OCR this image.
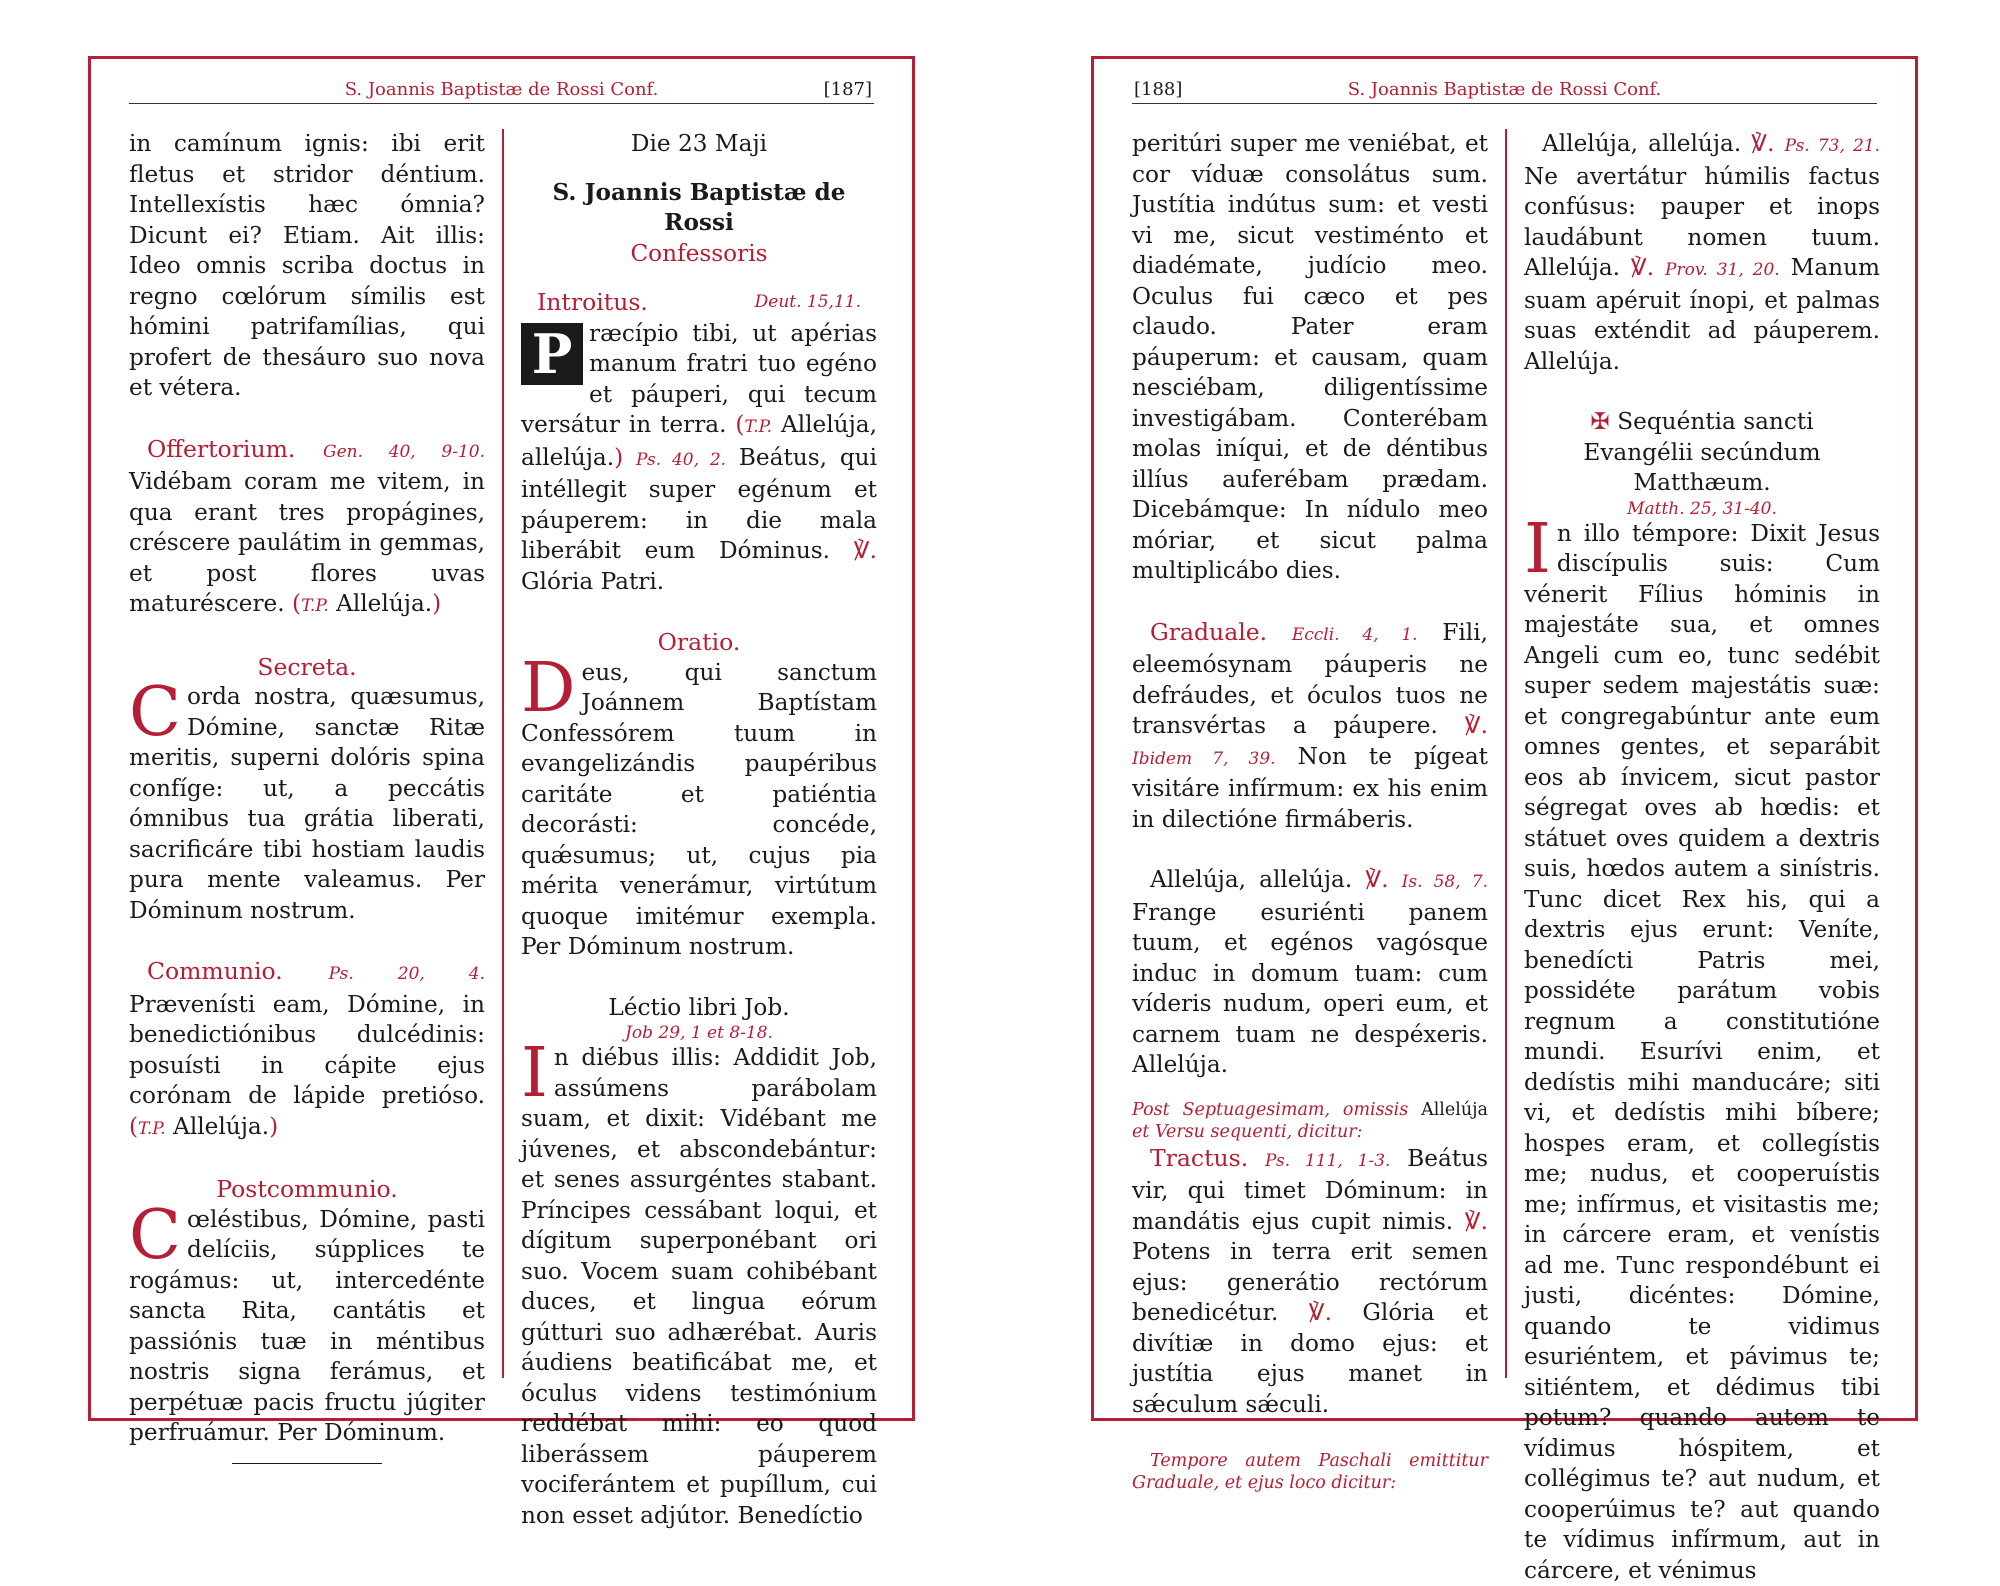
S. Joannis Baptistæ de Rossi Conf.	[187]

in camínum ignis: ibi erit fletus et stridor déntium. Intellexístis hæc ómnia? Dicunt ei? Etiam. Ait illis: Ideo omnis scriba doctus in regno cœlórum símilis est hómini patrifamílias, qui profert de thesáuro suo nova et vétera.

Offertorium. Gen. 40, 9-10. Vidébam coram me vitem, in qua erant tres propágines, créscere paulátim in gemmas, et post flores uvas maturéscere. (T.P. Allelúja.)

Secreta.

Corda nostra, quæsumus, Dómine, sanctæ Ritæ meritis, superni dolóris spina confíge: ut, a peccátis ómnibus tua grátia liberati, sacrificáre tibi hostiam laudis pura mente valeamus. Per Dóminum nostrum.

Communio.	Ps. 20, 4. Prævenísti eam, Dómine, in benedictiónibus dulcédinis: posuísti in cápite ejus corónam de lápide pretióso. (T.P. Allelúja.)

Postcommunio.

Cœléstibus, Dómine, pasti delíciis, súpplices te rogámus: ut, intercedénte sancta Rita, cantátis et passiónis tuæ in méntibus nostris signa ferámus, et perpétuæ pacis fructu júgiter perfruámur. Per Dóminum.

Die 23 Maji

S. Joannis Baptistæ de Rossi

Confessoris

Introitus.	Deut. 15,11.

P ræcípio tibi, ut apérias manum fratri tuo egéno et páuperi, qui tecum versátur in terra. (T.P. Allelúja, allelúja.) Ps. 40, 2. Beátus, qui intéllegit super egénum et páuperem: in die mala liberábit eum Dóminus. ℣. Glória Patri.

Oratio.

Deus, qui sanctum Joánnem Baptístam Confessórem tuum in evangelizándis paupéribus caritáte et patiéntia decorásti: concéde, quǽsumus; ut, cujus pia mérita venerámur, virtútum quoque imitémur exempla. Per Dóminum nostrum.

Léctio libri Job.

Job 29, 1 et 8-18.

In diébus illis: Addidit Job, assúmens parábolam suam, et dixit: Vidébant me júvenes, et abscondebántur: et senes assurgéntes stabant. Príncipes cessábant loqui, et dígitum superponébant ori suo. Vocem suam cohibébant duces, et lingua eórum gútturi suo adhærébat. Auris áudiens beatificábat me, et óculus videns testimónium reddébat mihi: eo quod liberássem páuperem vociferántem et pupíllum, cui non esset adjútor. Benedíctio

S. Joannis Baptistæ de Rossi Conf.
[188]

peritúri super me veniébat, et cor víduæ consolátus sum. Justítia indútus sum: et vesti vi me, sicut vestiménto et diadémate, judício meo. Oculus fui cæco et pes claudo. Pater eram páuperum: et causam, quam nesciébam, diligentíssime investigábam. Conterébam molas iníqui, et de déntibus illíus auferébam prædam. Dicebámque: In nídulo meo móriar, et sicut palma multiplicábo dies.

Graduale. Eccli. 4, 1. Fili, eleemósynam páuperis ne defráudes, et óculos tuos ne transvértas a páupere. ℣. Ibidem 7, 39. Non te pígeat visitáre infírmum: ex his enim in dilectióne firmáberis.

Allelúja, allelúja. ℣. Is. 58, 7. Frange esuriénti panem tuum, et egénos vagósque induc in domum tuam: cum víderis nudum, operi eum, et carnem tuam ne despéxeris. Allelúja.

Post Septuagesimam, omissis Allelúja et Versu sequenti, dicitur:

Tractus. Ps. 111, 1-3. Beátus vir, qui timet Dóminum: in mandátis ejus cupit nimis. ℣. Potens in terra erit semen ejus: generátio rectórum benedicétur. ℣. Glória et divítiæ in domo ejus: et justítia ejus manet in sǽculum sǽculi.

Tempore autem Paschali emittitur Graduale, et ejus loco dicitur:

Allelúja, allelúja. ℣. Ps. 73, 21. Ne avertátur húmilis factus confúsus: pauper et inops laudábunt nomen tuum. Allelúja. ℣. Prov. 31, 20. Manum suam apéruit ínopi, et palmas suas exténdit ad páuperem. Allelúja.

✠ Sequéntia sancti Evangélii secúndum Matthæum.

Matth. 25, 31-40.

In illo témpore: Dixit Jesus discípulis suis: Cum vénerit Fílius hóminis in majestáte sua, et omnes Angeli cum eo, tunc sedébit super sedem majestátis suæ: et congregabúntur ante eum omnes gentes, et separábit eos ab ínvicem, sicut pastor ségregat oves ab hœdis: et státuet oves quidem a dextris suis, hœdos autem a sinístris. Tunc dicet Rex his, qui a dextris ejus erunt: Veníte, benedícti Patris mei, possidéte parátum vobis regnum a constitutióne mundi. Esurívi enim, et dedístis mihi manducáre; siti vi, et dedístis mihi bíbere; hospes eram, et collegístis me; nudus, et cooperuístis me; infírmus, et visitastis me; in cárcere eram, et venístis ad me. Tunc respondébunt ei justi, dicéntes: Dómine, quando te vidimus esuriéntem, et pávimus te; sitiéntem, et dédimus tibi potum? quando autem te vídimus hóspitem, et collégimus te? aut nudum, et cooperúimus te? aut quando te vídimus infírmum, aut in cárcere, et vénimus
